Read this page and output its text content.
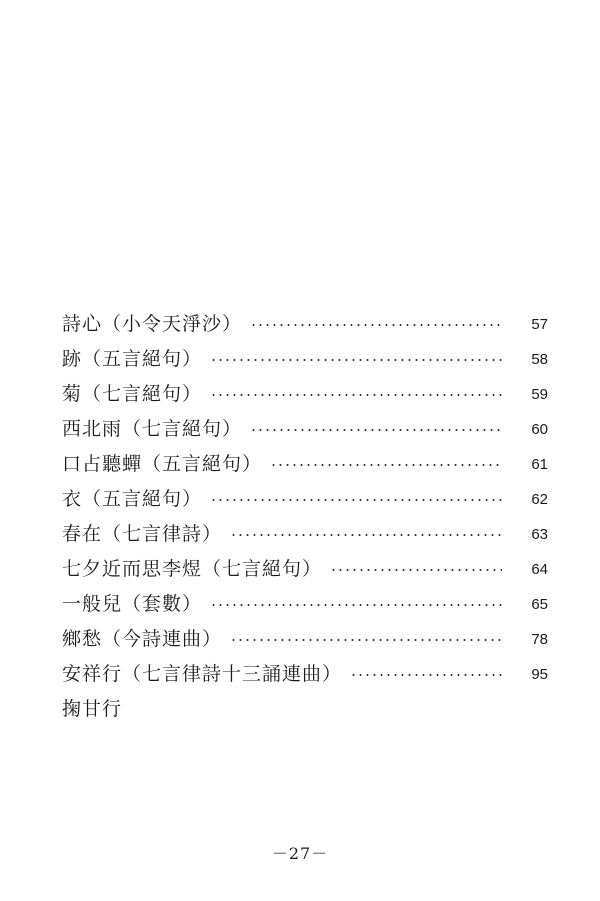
詩心（小令天淨沙）	57
跡（五言絕句）	58
菊（七言絕句）	59
西北雨（七言絕句）	60
口占聽蟬（五言絕句）	61
衣（五言絕句）	62
春在（七言律詩）	63
七夕近而思李煜（七言絕句）	64
一般兒（套數）	65
鄉愁（今詩連曲）	78
安祥行（七言律詩十三誦連曲）	95
掬甘行
－27－
